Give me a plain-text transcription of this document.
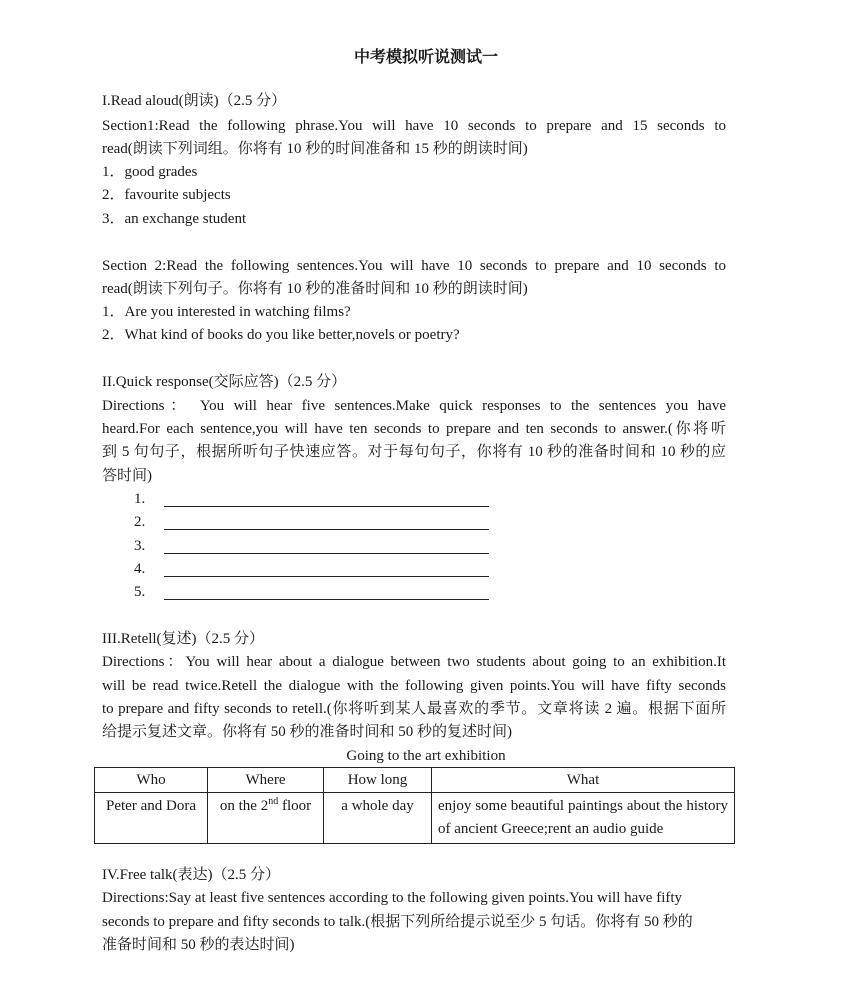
中考模拟听说测试一
I.Read aloud(朗读)（2.5 分）
Section1:Read the following phrase.You will have 10 seconds to prepare and 15 seconds to
read(朗读下列词组。你将有 10 秒的时间准备和 15 秒的朗读时间)
1．good grades
2．favourite subjects
3．an exchange student
Section 2:Read the following sentences.You will have 10 seconds to prepare and 10 seconds to
read(朗读下列句子。你将有 10 秒的准备时间和 10 秒的朗读时间)
1．Are you interested in watching films?
2．What kind of books do you like better,novels or poetry?
II.Quick response(交际应答)（2.5 分）
Directions： You will hear five sentences.Make quick responses to the sentences you have
heard.For each sentence,you will have ten seconds to prepare and ten seconds to answer.(你将听
到 5 句句子，根据所听句子快速应答。对于每句句子，你将有 10 秒的准备时间和 10 秒的应
答时间)
1.
2.
3.
4.
5.
III.Retell(复述)（2.5 分）
Directions：You will hear about a dialogue between two students about going to an exhibition.It
will be read twice.Retell the dialogue with the following given points.You will have fifty seconds
to prepare and fifty seconds to retell.(你将听到某人最喜欢的季节。文章将读 2 遍。根据下面所
给提示复述文章。你将有 50 秒的准备时间和 50 秒的复述时间)
Going to the art exhibition
Who	Where	How long	What
Peter and Dora	on the 2nd floor	a whole day	enjoy some beautiful paintings about the history of ancient Greece;rent an audio guide
IV.Free talk(表达)（2.5 分）
Directions:Say at least five sentences according to the following given points.You will have fifty
seconds to prepare and fifty seconds to talk.(根据下列所给提示说至少 5 句话。你将有 50 秒的
准备时间和 50 秒的表达时间)
